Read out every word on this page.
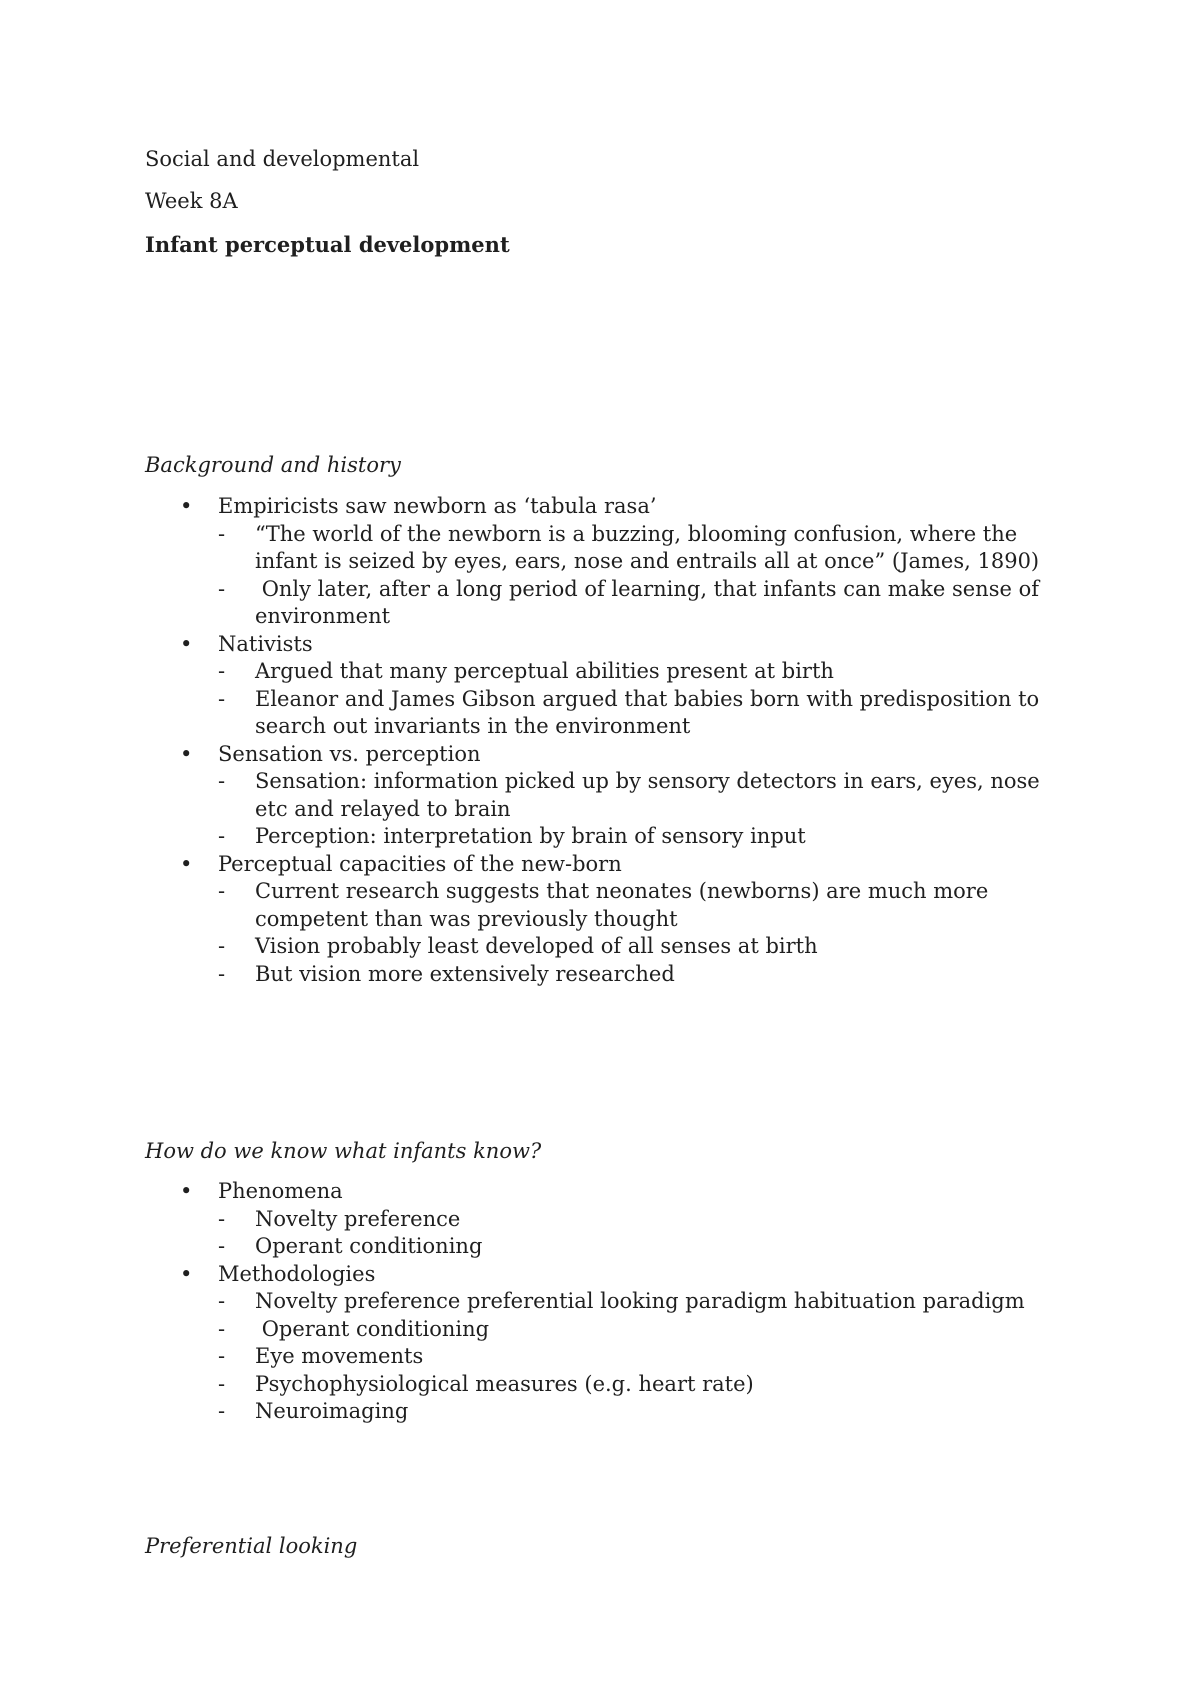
Social and developmental
Week 8A
Infant perceptual development
Background and history
• Empiricists saw newborn as ‘tabula rasa’
- “The world of the newborn is a buzzing, blooming confusion, where the infant is seized by eyes, ears, nose and entrails all at once” (James, 1890)
- Only later, after a long period of learning, that infants can make sense of environment
• Nativists
- Argued that many perceptual abilities present at birth
- Eleanor and James Gibson argued that babies born with predisposition to search out invariants in the environment
• Sensation vs. perception
- Sensation: information picked up by sensory detectors in ears, eyes, nose etc and relayed to brain
- Perception: interpretation by brain of sensory input
• Perceptual capacities of the new-born
- Current research suggests that neonates (newborns) are much more competent than was previously thought
- Vision probably least developed of all senses at birth
- But vision more extensively researched
How do we know what infants know?
• Phenomena
- Novelty preference
- Operant conditioning
• Methodologies
- Novelty preference preferential looking paradigm habituation paradigm
- Operant conditioning
- Eye movements
- Psychophysiological measures (e.g. heart rate)
- Neuroimaging
Preferential looking
